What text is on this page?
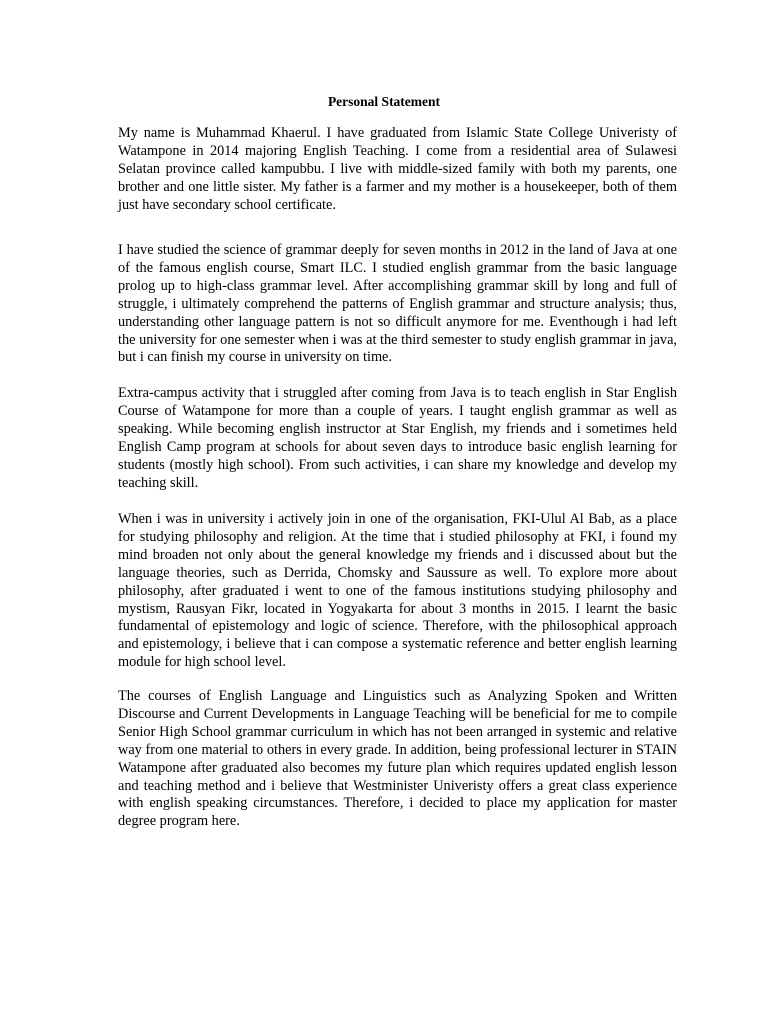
Personal Statement

My name is Muhammad Khaerul. I have graduated from Islamic State College Univeristy of Watampone in 2014 majoring English Teaching. I come from a residential area of Sulawesi Selatan province called kampubbu. I live with middle-sized family with both my parents, one brother and one little sister. My father is a farmer and my mother is a housekeeper, both of them just have secondary school certificate.

I have studied the science of grammar deeply for seven months in 2012 in the land of Java at one of the famous english course, Smart ILC. I studied english grammar from the basic language prolog up to high-class grammar level. After accomplishing grammar skill by long and full of struggle, i ultimately comprehend the patterns of English grammar and structure analysis; thus, understanding other language pattern is not so difficult anymore for me. Eventhough i had left the university for one semester when i was at the third semester to study english grammar in java, but i can finish my course in university on time.

Extra-campus activity that i struggled after coming from Java is to teach english in Star English Course of Watampone for more than a couple of years. I taught english grammar as well as speaking. While becoming english instructor at Star English, my friends and i sometimes held English Camp program at schools for about seven days to introduce basic english learning for students (mostly high school). From such activities, i can share my knowledge and develop my teaching skill.

When i was in university i actively join in one of the organisation, FKI-Ulul Al Bab, as a place for studying philosophy and religion. At the time that i studied philosophy at FKI, i found my mind broaden not only about the general knowledge my friends and i discussed about but the language theories, such as Derrida, Chomsky and Saussure as well. To explore more about philosophy, after graduated i went to one of the famous institutions studying philosophy and mystism, Rausyan Fikr, located in Yogyakarta for about 3 months in 2015. I learnt the basic fundamental of epistemology and logic of science. Therefore, with the philosophical approach and epistemology, i believe that i can compose a systematic reference and better english learning module for high school level.

The courses of English Language and Linguistics such as Analyzing Spoken and Written Discourse and Current Developments in Language Teaching will be beneficial for me to compile Senior High School grammar curriculum in which has not been arranged in systemic and relative way from one material to others in every grade. In addition, being professional lecturer in STAIN Watampone after graduated also becomes my future plan which requires updated english lesson and teaching method and i believe that Westminister Univeristy offers a great class experience with english speaking circumstances. Therefore, i decided to place my application for master degree program here.
